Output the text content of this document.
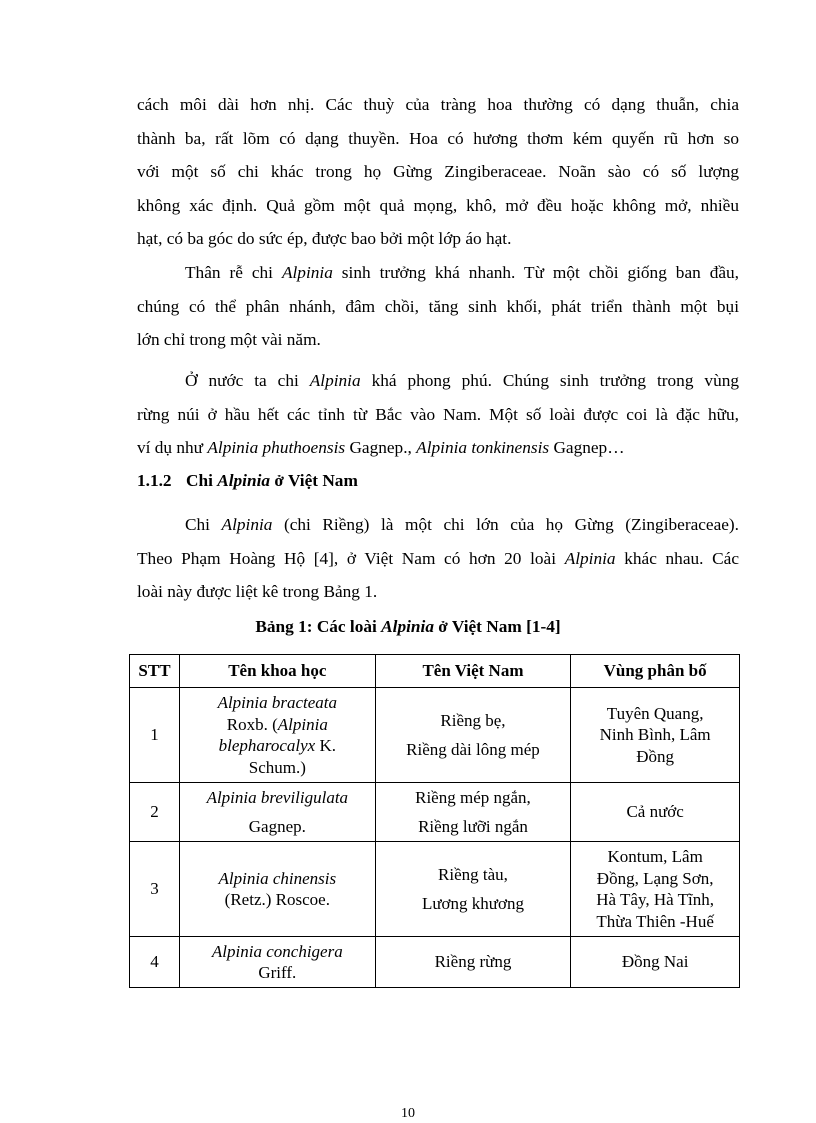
cách môi dài hơn nhị. Các thuỳ của tràng hoa thường có dạng thuẫn, chia
thành ba, rất lõm có dạng thuyền. Hoa có hương thơm kém quyến rũ hơn so
với một số chi khác trong họ Gừng Zingiberaceae. Noãn sào có số lượng
không xác định. Quả gồm một quả mọng, khô, mở đều hoặc không mở, nhiều
hạt, có ba góc do sức ép, được bao bởi một lớp áo hạt.
Thân rễ chi Alpinia sinh trưởng khá nhanh. Từ một chồi giống ban đầu,
chúng có thể phân nhánh, đâm chồi, tăng sinh khối, phát triển thành một bụi
lớn chỉ trong một vài năm.
Ở nước ta chi Alpinia khá phong phú. Chúng sinh trưởng trong vùng
rừng núi ở hầu hết các tỉnh từ Bắc vào Nam. Một số loài được coi là đặc hữu,
ví dụ như Alpinia phuthoensis Gagnep., Alpinia tonkinensis Gagnep…
1.1.2 Chi Alpinia ở Việt Nam
Chi Alpinia (chi Riềng) là một chi lớn của họ Gừng (Zingiberaceae).
Theo Phạm Hoàng Hộ [4], ở Việt Nam có hơn 20 loài Alpinia khác nhau. Các
loài này được liệt kê trong Bảng 1.
Bảng 1: Các loài Alpinia ở Việt Nam [1-4]
STT	Tên khoa học	Tên Việt Nam	Vùng phân bố
1	Alpinia bracteata
Roxb. (Alpinia
blepharocalyx K.
Schum.)	Riềng bẹ,
Riềng dài lông mép	Tuyên Quang,
Ninh Bình, Lâm
Đồng

2	Alpinia breviligulata
Gagnep.	Riềng mép ngắn,
Riềng lưỡi ngắn	Cả nước

3	Alpinia chinensis
(Retz.) Roscoe.	Riềng tàu,
Lương khương	Kontum, Lâm
Đồng, Lạng Sơn,
Hà Tây, Hà Tĩnh,
Thừa Thiên -Huế

4	Alpinia conchigera
Griff.	Riềng rừng	Đồng Nai
10
